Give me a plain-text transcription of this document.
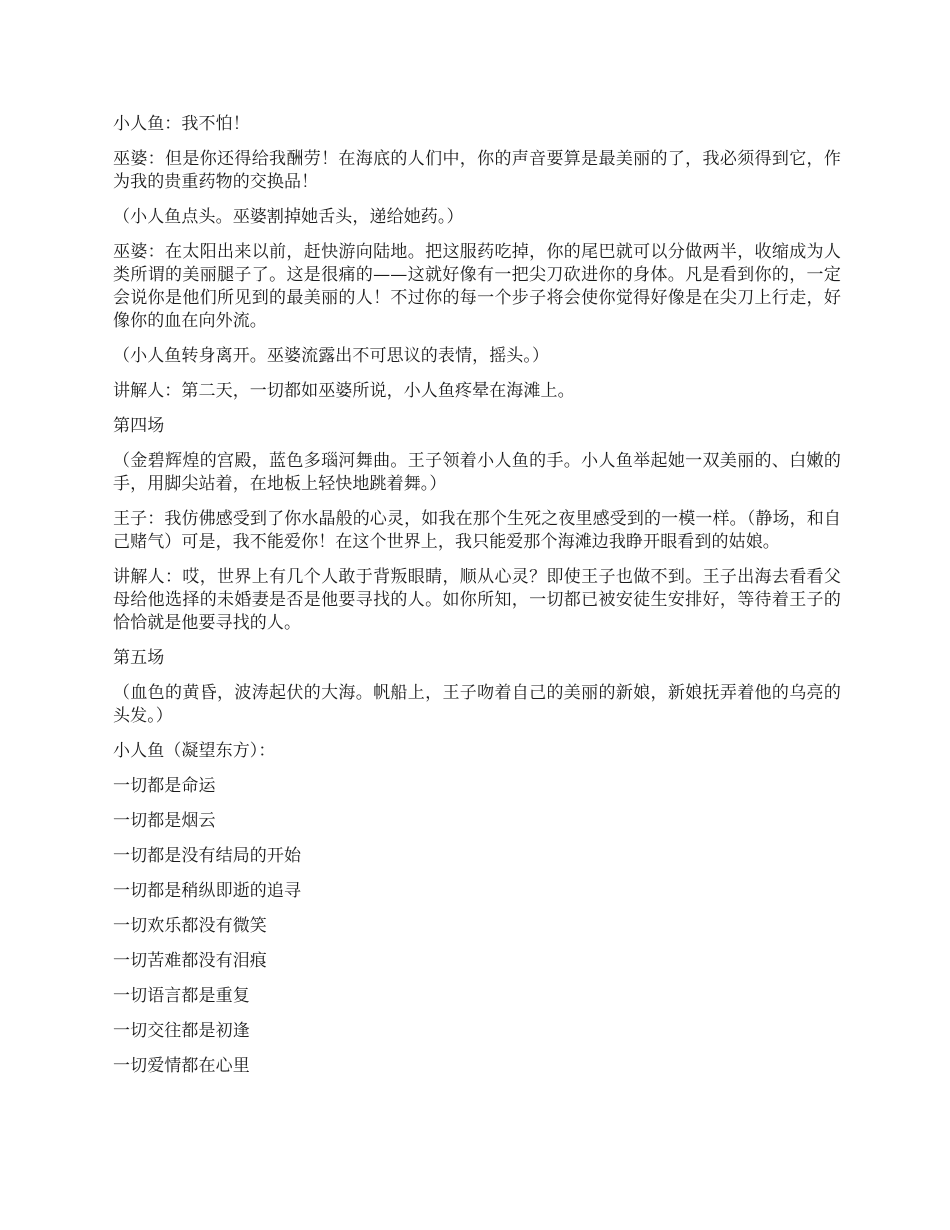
小人鱼：我不怕！

巫婆：但是你还得给我酬劳！在海底的人们中，你的声音要算是最美丽的了，我必须得到它，作为我的贵重药物的交换品！

（小人鱼点头。巫婆割掉她舌头，递给她药。）

巫婆：在太阳出来以前，赶快游向陆地。把这服药吃掉，你的尾巴就可以分做两半，收缩成为人类所谓的美丽腿子了。这是很痛的——这就好像有一把尖刀砍进你的身体。凡是看到你的，一定会说你是他们所见到的最美丽的人！不过你的每一个步子将会使你觉得好像是在尖刀上行走，好像你的血在向外流。

（小人鱼转身离开。巫婆流露出不可思议的表情，摇头。）

讲解人：第二天，一切都如巫婆所说，小人鱼疼晕在海滩上。

第四场

（金碧辉煌的宫殿，蓝色多瑙河舞曲。王子领着小人鱼的手。小人鱼举起她一双美丽的、白嫩的手，用脚尖站着，在地板上轻快地跳着舞。）

王子：我仿佛感受到了你水晶般的心灵，如我在那个生死之夜里感受到的一模一样。（静场，和自己赌气）可是，我不能爱你！在这个世界上，我只能爱那个海滩边我睁开眼看到的姑娘。

讲解人：哎，世界上有几个人敢于背叛眼睛，顺从心灵？即使王子也做不到。王子出海去看看父母给他选择的未婚妻是否是他要寻找的人。如你所知，一切都已被安徒生安排好，等待着王子的恰恰就是他要寻找的人。

第五场

（血色的黄昏，波涛起伏的大海。帆船上，王子吻着自己的美丽的新娘，新娘抚弄着他的乌亮的头发。）

小人鱼（凝望东方）：

一切都是命运

一切都是烟云

一切都是没有结局的开始

一切都是稍纵即逝的追寻

一切欢乐都没有微笑

一切苦难都没有泪痕

一切语言都是重复

一切交往都是初逢

一切爱情都在心里
